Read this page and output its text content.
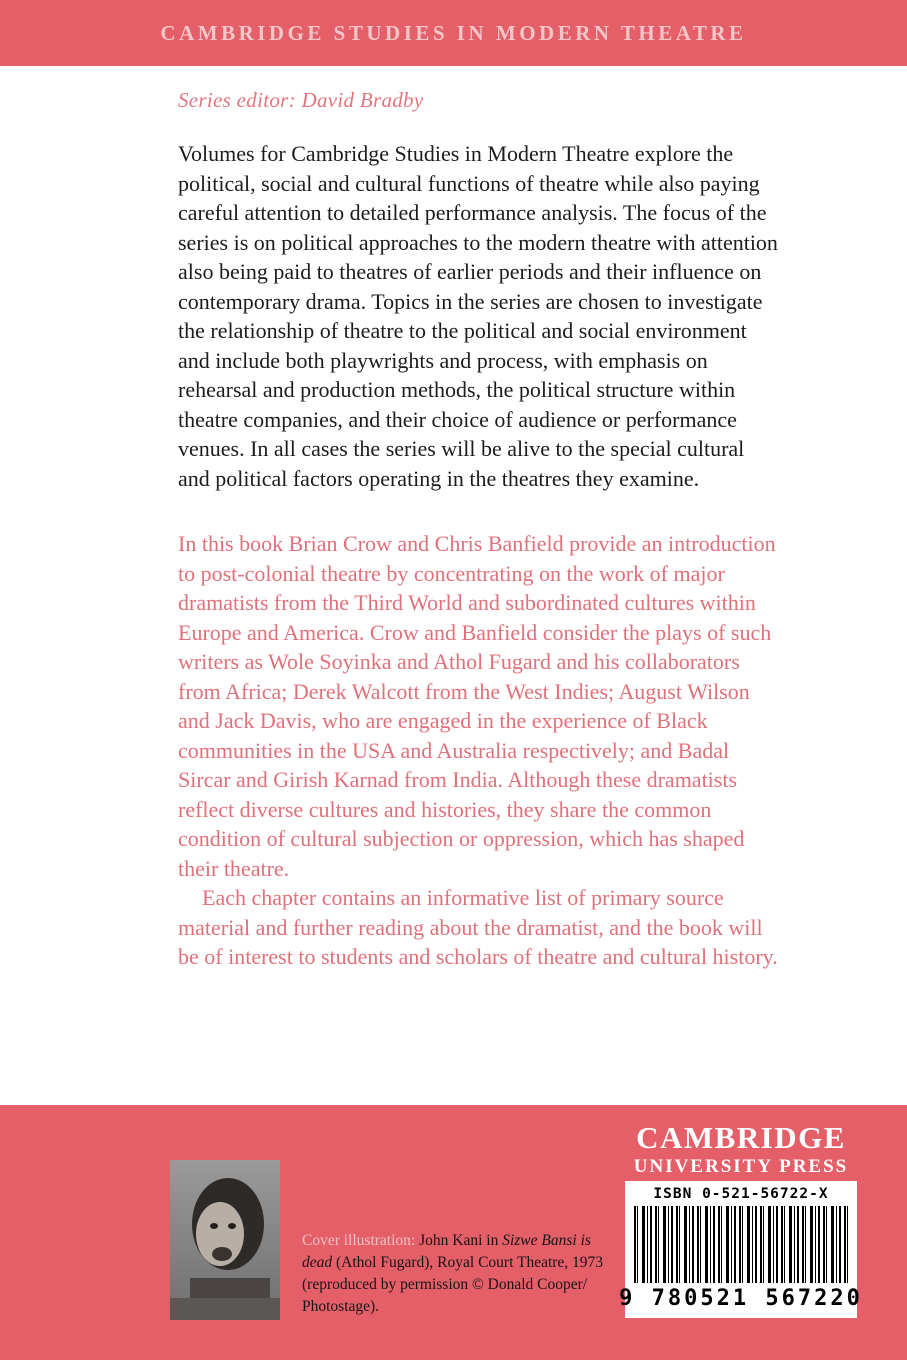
CAMBRIDGE STUDIES IN MODERN THEATRE
Series editor: David Bradby

Volumes for Cambridge Studies in Modern Theatre explore the political, social and cultural functions of theatre while also paying careful attention to detailed performance analysis. The focus of the series is on political approaches to the modern theatre with attention also being paid to theatres of earlier periods and their influence on contemporary drama. Topics in the series are chosen to investigate the relationship of theatre to the political and social environment and include both playwrights and process, with emphasis on rehearsal and production methods, the political structure within theatre companies, and their choice of audience or performance venues. In all cases the series will be alive to the special cultural and political factors operating in the theatres they examine.

In this book Brian Crow and Chris Banfield provide an introduction to post-colonial theatre by concentrating on the work of major dramatists from the Third World and subordinated cultures within Europe and America. Crow and Banfield consider the plays of such writers as Wole Soyinka and Athol Fugard and his collaborators from Africa; Derek Walcott from the West Indies; August Wilson and Jack Davis, who are engaged in the experience of Black communities in the USA and Australia respectively; and Badal Sircar and Girish Karnad from India. Although these dramatists reflect diverse cultures and histories, they share the common condition of cultural subjection or oppression, which has shaped their theatre.

Each chapter contains an informative list of primary source material and further reading about the dramatist, and the book will be of interest to students and scholars of theatre and cultural history.

Cover illustration: John Kani in Sizwe Bansi is dead (Athol Fugard), Royal Court Theatre, 1973 (reproduced by permission © Donald Cooper/ Photostage).
CAMBRIDGE
UNIVERSITY PRESS
ISBN 0-521-56722-X
9 780521 567220
